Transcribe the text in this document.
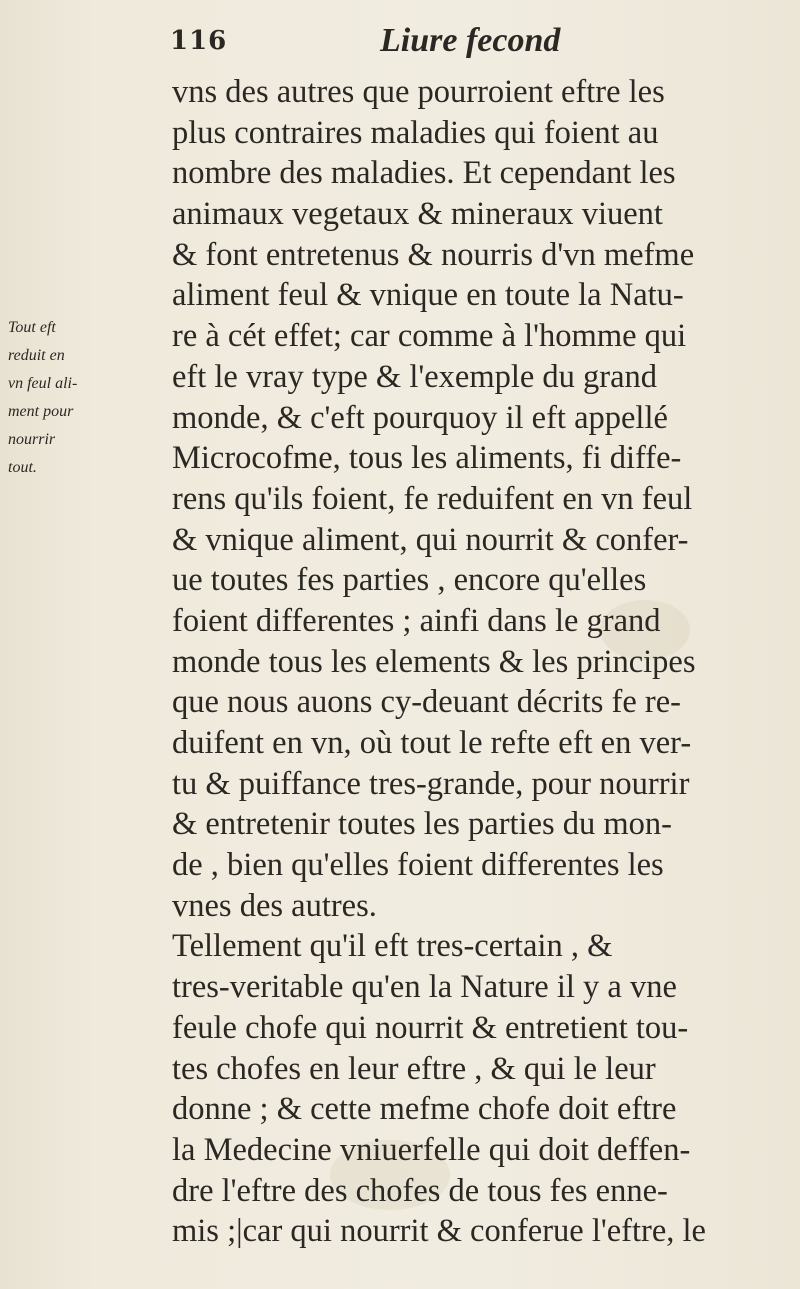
116	Liure fecond
Tout eft
reduit en
vn feul ali-
ment pour
nourrir
tout.
vns des autres que pourroient eftre les
plus contraires maladies qui foient au
nombre des maladies. Et cependant les
animaux vegetaux & mineraux viuent
& font entretenus & nourris d'vn mefme
aliment feul & vnique en toute la Natu-
re à cét effet; car comme à l'homme qui
eft le vray type & l'exemple du grand
monde, & c'eft pourquoy il eft appellé
Microcofme, tous les aliments, fi diffe-
rens qu'ils foient, fe reduifent en vn feul
& vnique aliment, qui nourrit & confer-
ue toutes fes parties , encore qu'elles
foient differentes ; ainfi dans le grand
monde tous les elements & les principes
que nous auons cy-deuant décrits fe re-
duifent en vn, où tout le refte eft en ver-
tu & puiffance tres-grande, pour nourrir
& entretenir toutes les parties du mon-
de , bien qu'elles foient differentes les
vnes des autres.
Tellement qu'il eft tres-certain , &
tres-veritable qu'en la Nature il y a vne
feule chofe qui nourrit & entretient tou-
tes chofes en leur eftre , & qui le leur
donne ; & cette mefme chofe doit eftre
la Medecine vniuerfelle qui doit deffen-
dre l'eftre des chofes de tous fes enne-
mis ;|car qui nourrit & conferue l'eftre, le
